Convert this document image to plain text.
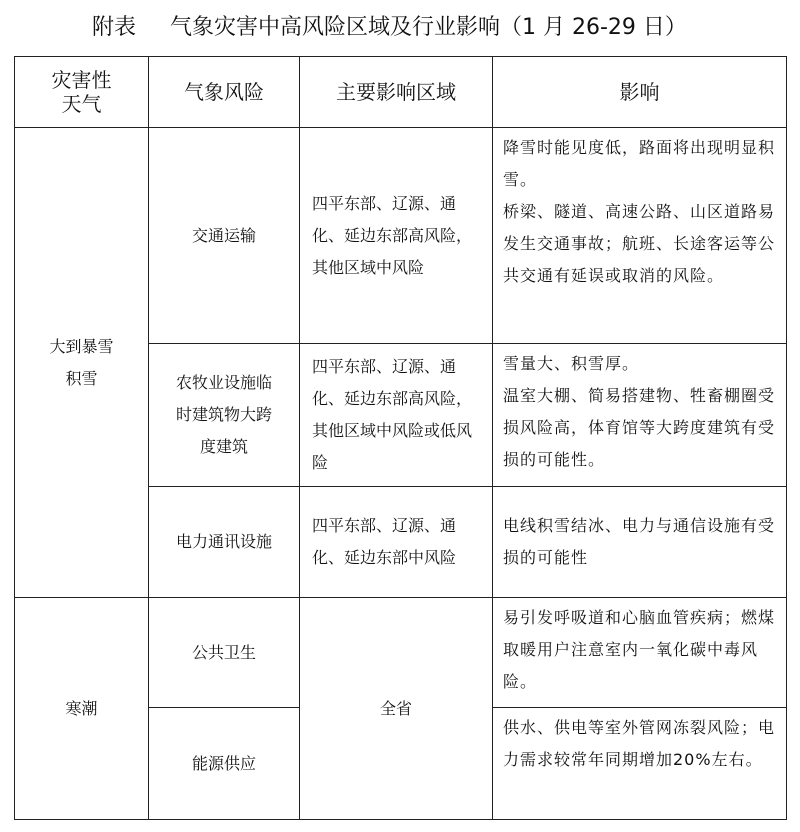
附表 气象灾害中高风险区域及行业影响（1 月 26-29 日）
灾害性天气	气象风险	主要影响区域	影响
大到暴雪积雪	交通运输	四平东部、辽源、通化、延边东部高风险，其他区域中风险	降雪时能见度低，路面将出现明显积雪。
桥梁、隧道、高速公路、山区道路易发生交通事故；航班、长途客运等公共交通有延误或取消的风险。

	农牧业设施临时建筑物大跨度建筑	四平东部、辽源、通化、延边东部高风险，其他区域中风险或低风险	雪量大、积雪厚。
温室大棚、简易搭建物、牲畜棚圈受损风险高，体育馆等大跨度建筑有受损的可能性。

	电力通讯设施	四平东部、辽源、通化、延边东部中风险	电线积雪结冰、电力与通信设施有受损的可能性

寒潮	公共卫生	全省	易引发呼吸道和心脑血管疾病；燃煤取暖用户注意室内一氧化碳中毒风险。

	能源供应		供水、供电等室外管网冻裂风险；电力需求较常年同期增加20%左右。
